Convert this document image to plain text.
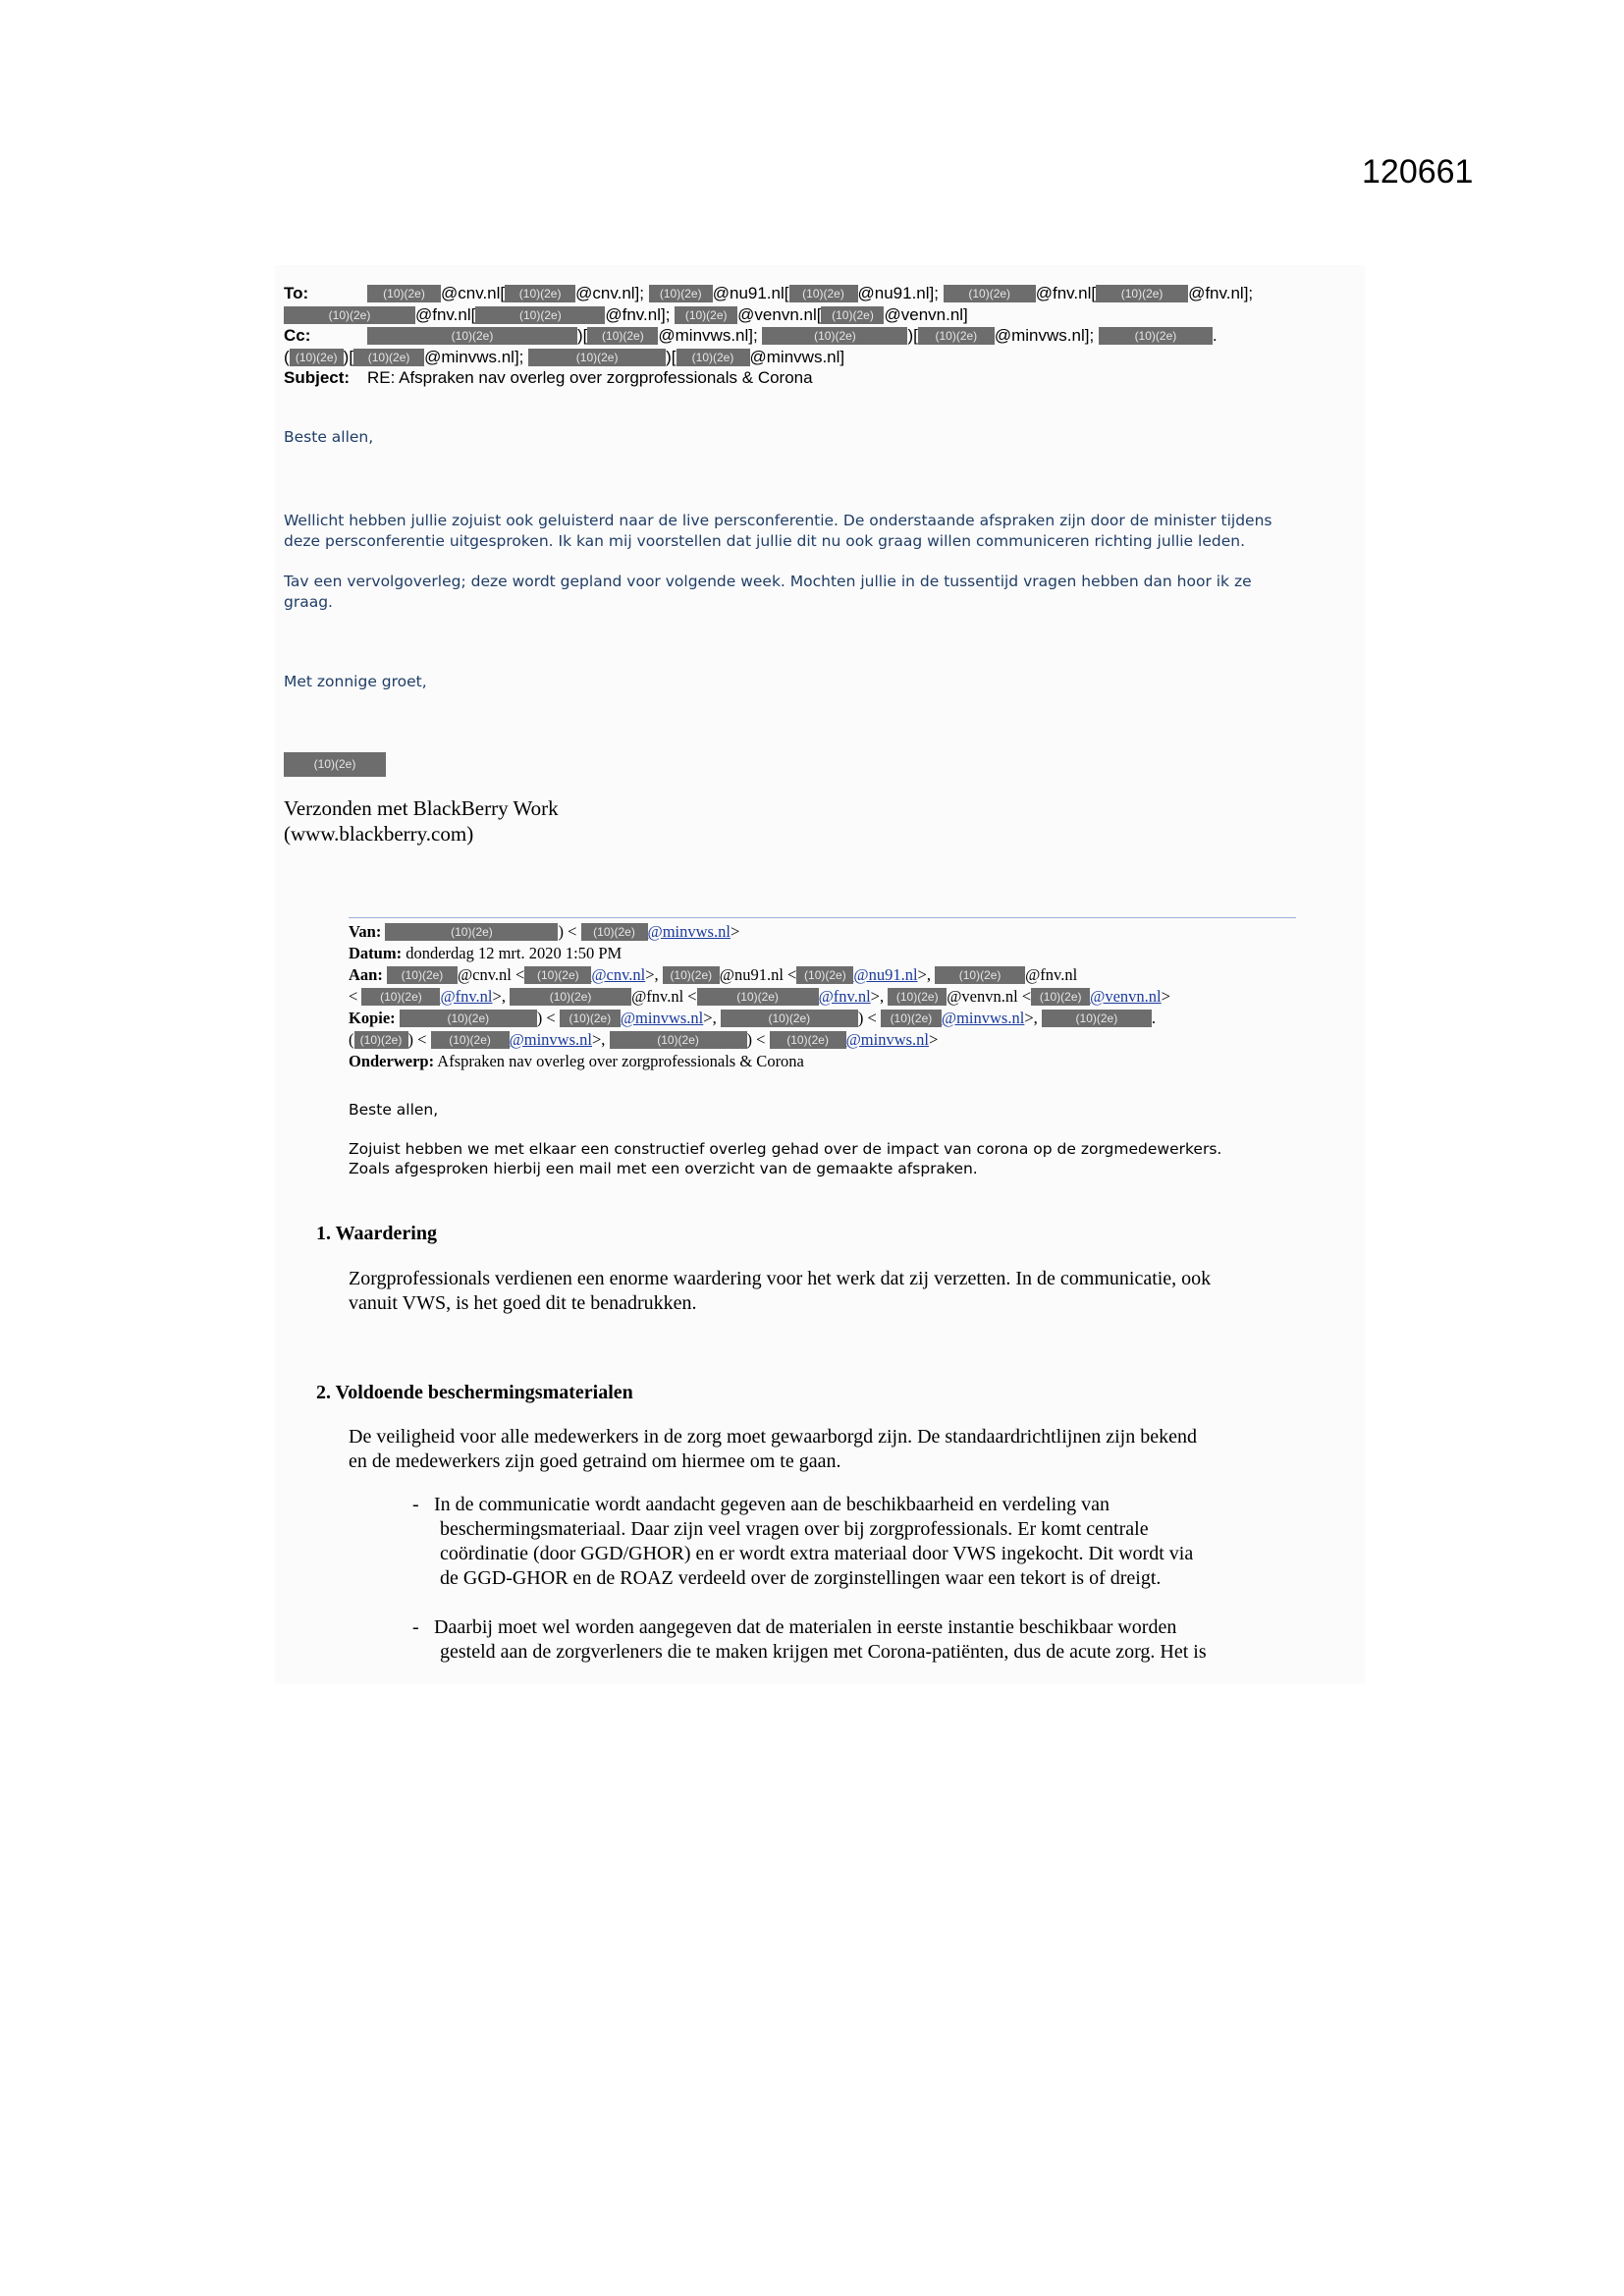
120661
To:	(10)(2e) @cnv.nl[ (10)(2e) @cnv.nl]; (10)(2e) @nu91.nl[ (10)(2e) @nu91.nl];	(10)(2e) @fnv.nl[ (10)(2e) @fnv.nl];
(10)(2e)	@fnv.nl[	(10)(2e)	@fnv.nl]; (10)(2e) @venvn.nl[ (10)(2e) @venvn.nl]
Cc:	(10)(2e)	)[ (10)(2e) @minvws.nl];	(10)(2e)	)[ (10)(2e) @minvws.nl];	(10)(2e) .
( (10)(2e) )[ (10)(2e) @minvws.nl];	(10)(2e)	)[ (10)(2e) @minvws.nl]
Subject: RE: Afspraken nav overleg over zorgprofessionals & Corona
Beste allen,
Wellicht hebben jullie zojuist ook geluisterd naar de live persconferentie. De onderstaande afspraken zijn door de minister tijdens
deze persconferentie uitgesproken. Ik kan mij voorstellen dat jullie dit nu ook graag willen communiceren richting jullie leden.
Tav een vervolgoverleg; deze wordt gepland voor volgende week. Mochten jullie in de tussentijd vragen hebben dan hoor ik ze
graag.
Met zonnige groet,
(10)(2e)
Verzonden met BlackBerry Work
(www.blackberry.com)
Van:	(10)(2e)	) < (10)(2e) @minvws.nl>
Datum: donderdag 12 mrt. 2020 1:50 PM
Aan: (10)(2e) @cnv.nl < (10)(2e) @cnv.nl>, (10)(2e) @nu91.nl < (10)(2e) @nu91.nl>, (10)(2e) @fnv.nl
< (10)(2e) @fnv.nl>,	(10)(2e) @fnv.nl <	(10)(2e) @fnv.nl>, (10)(2e) @venvn.nl < (10)(2e) @venvn.nl>
Kopie:	(10)(2e)	) < (10)(2e) @minvws.nl>,	(10)(2e)	) < (10)(2e) @minvws.nl>,	(10)(2e) .
( (10)(2e) ) < (10)(2e) @minvws.nl>,	(10)(2e)	) < (10)(2e) @minvws.nl>
Onderwerp: Afspraken nav overleg over zorgprofessionals & Corona
Beste allen,
Zojuist hebben we met elkaar een constructief overleg gehad over de impact van corona op de zorgmedewerkers.
Zoals afgesproken hierbij een mail met een overzicht van de gemaakte afspraken.
1. Waardering
Zorgprofessionals verdienen een enorme waardering voor het werk dat zij verzetten. In de communicatie, ook
vanuit VWS, is het goed dit te benadrukken.
2. Voldoende beschermingsmaterialen
De veiligheid voor alle medewerkers in de zorg moet gewaarborgd zijn. De standaardrichtlijnen zijn bekend
en de medewerkers zijn goed getraind om hiermee om te gaan.
- In de communicatie wordt aandacht gegeven aan de beschikbaarheid en verdeling van
beschermingsmateriaal. Daar zijn veel vragen over bij zorgprofessionals. Er komt centrale
coördinatie (door GGD/GHOR) en er wordt extra materiaal door VWS ingekocht. Dit wordt via
de GGD-GHOR en de ROAZ verdeeld over de zorginstellingen waar een tekort is of dreigt.
- Daarbij moet wel worden aangegeven dat de materialen in eerste instantie beschikbaar worden
gesteld aan de zorgverleners die te maken krijgen met Corona-patiënten, dus de acute zorg. Het is
